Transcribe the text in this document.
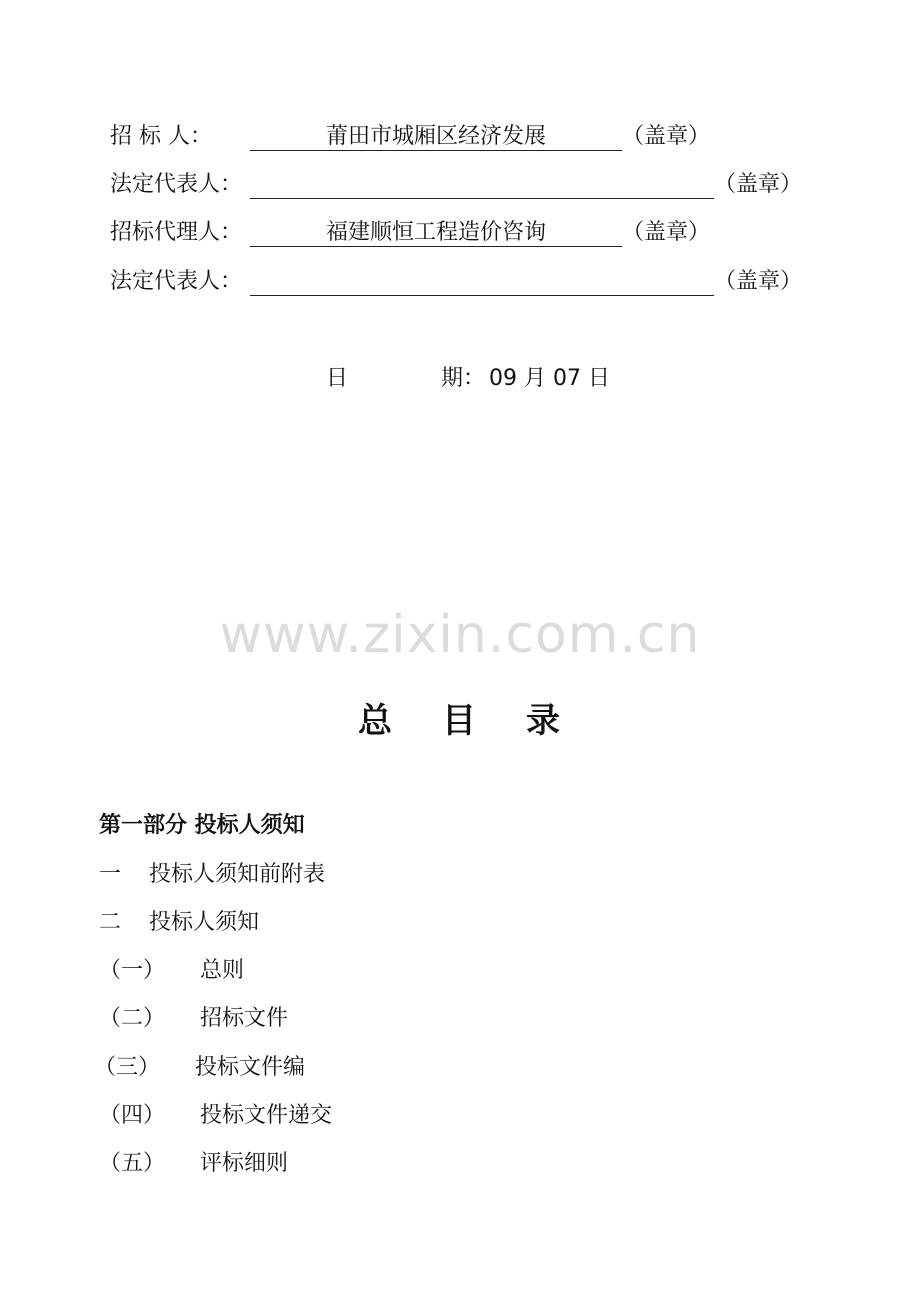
招 标 人：	莆田市城厢区经济发展	（盖章）
法定代表人：	（盖章）
招标代理人：	福建顺恒工程造价咨询	（盖章）
法定代表人：	（盖章）
日	期： 09 月 07 日
www.zixin.com.cn
总目录
第一部分 投标人须知
一 投标人须知前附表
二 投标人须知
（一） 总则
（二） 招标文件
（三） 投标文件编
（四） 投标文件递交
（五） 评标细则
